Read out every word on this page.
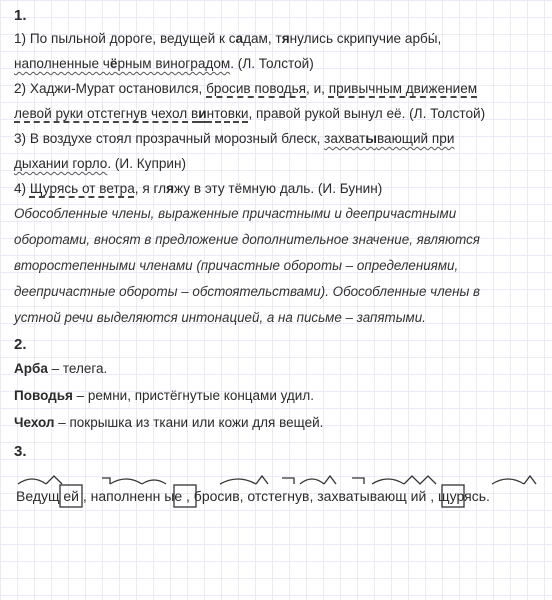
1.
1) По пыльной дороге, ведущей к садам, тянулись скрипучие арбы́,
наполненные чёрным виноградом. (Л. Толстой)
2) Хаджи-Мурат остановился, бросив поводья, и, привычным движением
левой руки отстегнув чехол винтовки, правой рукой вынул её. (Л. Толстой)
3) В воздухе стоял прозрачный морозный блеск, захватывающий при
дыхании горло. (И. Куприн)
4) Щурясь от ветра, я гляжу в эту тёмную даль. (И. Бунин)
Обособленные члены, выраженные причастными и деепричастными
оборотами, вносят в предложение дополнительное значение, являются
второстепенными членами (причастные обороты – определениями,
деепричастные обороты – обстоятельствами). Обособленные члены в
устной речи выделяются интонацией, а на письме – запятыми.
2.
Арба – телега.
Поводья – ремни, пристёгнутые концами удил.
Чехол – покрышка из ткани или кожи для вещей.
3.
Ведущ ей , наполненн ые , бросив, отстегнув, захватывающ ий , щурясь.
